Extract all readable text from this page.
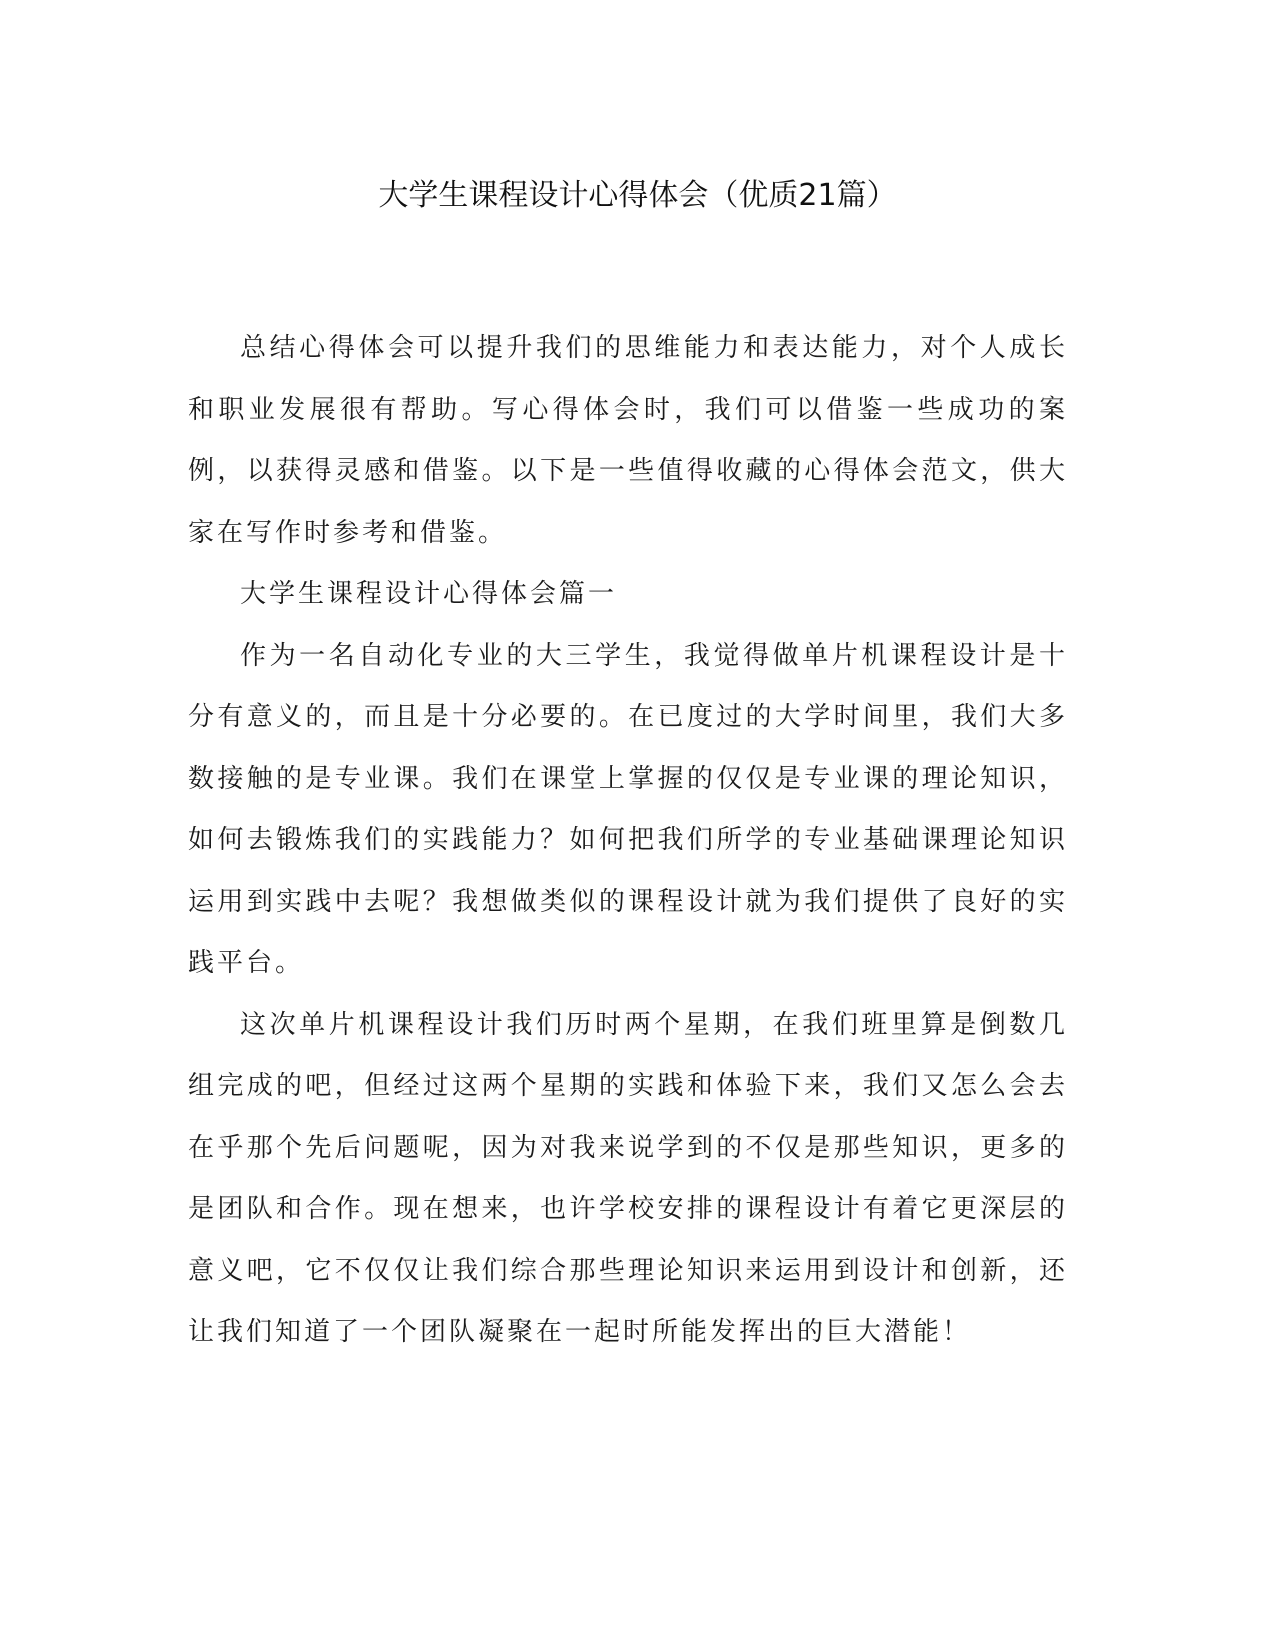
大学生课程设计心得体会（优质21篇）

总结心得体会可以提升我们的思维能力和表达能力，对个人成长和职业发展很有帮助。写心得体会时，我们可以借鉴一些成功的案例，以获得灵感和借鉴。以下是一些值得收藏的心得体会范文，供大家在写作时参考和借鉴。

大学生课程设计心得体会篇一

作为一名自动化专业的大三学生，我觉得做单片机课程设计是十分有意义的，而且是十分必要的。在已度过的大学时间里，我们大多数接触的是专业课。我们在课堂上掌握的仅仅是专业课的理论知识，如何去锻炼我们的实践能力？如何把我们所学的专业基础课理论知识运用到实践中去呢？我想做类似的课程设计就为我们提供了良好的实践平台。

这次单片机课程设计我们历时两个星期，在我们班里算是倒数几组完成的吧，但经过这两个星期的实践和体验下来，我们又怎么会去在乎那个先后问题呢，因为对我来说学到的不仅是那些知识，更多的是团队和合作。现在想来，也许学校安排的课程设计有着它更深层的意义吧，它不仅仅让我们综合那些理论知识来运用到设计和创新，还让我们知道了一个团队凝聚在一起时所能发挥出的巨大潜能！
